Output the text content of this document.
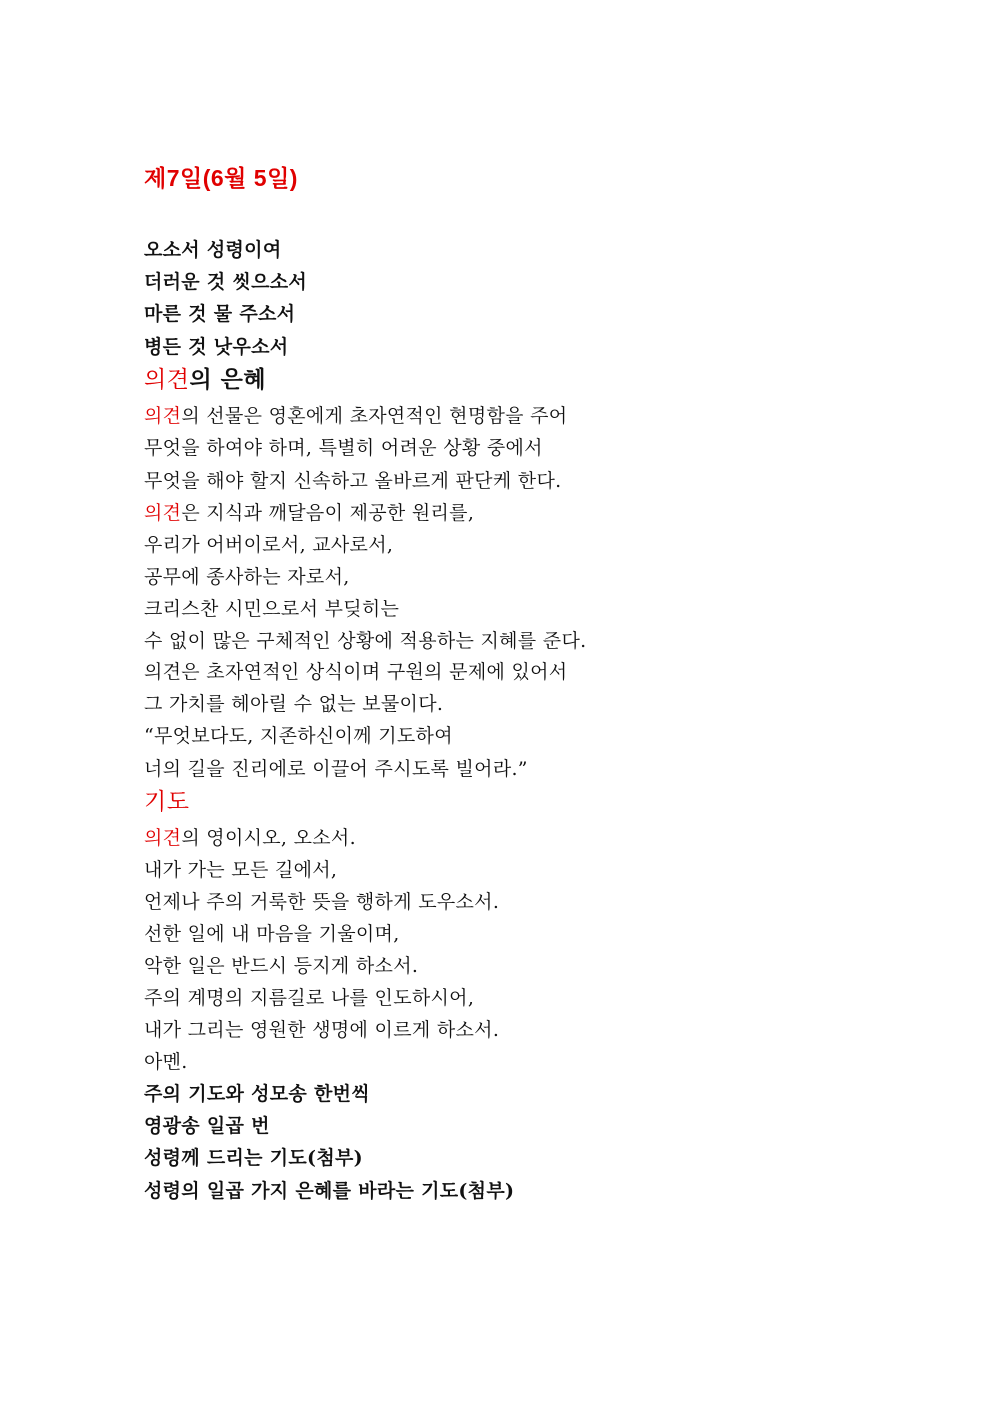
제7일(6월 5일)
오소서 성령이여
더러운 것 씻으소서
마른 것 물 주소서
병든 것 낫우소서
의견의 은혜
의견의 선물은 영혼에게 초자연적인 현명함을 주어
무엇을 하여야 하며, 특별히 어려운 상황 중에서
무엇을 해야 할지 신속하고 올바르게 판단케 한다.
의견은 지식과 깨달음이 제공한 원리를,
우리가 어버이로서, 교사로서,
공무에 종사하는 자로서,
크리스찬 시민으로서 부딪히는
수 없이 많은 구체적인 상황에 적용하는 지혜를 준다.
의견은 초자연적인 상식이며 구원의 문제에 있어서
그 가치를 헤아릴 수 없는 보물이다.
“무엇보다도, 지존하신이께 기도하여
너의 길을 진리에로 이끌어 주시도록 빌어라.”
기도
의견의 영이시오, 오소서.
내가 가는 모든 길에서,
언제나 주의 거룩한 뜻을 행하게 도우소서.
선한 일에 내 마음을 기울이며,
악한 일은 반드시 등지게 하소서.
주의 계명의 지름길로 나를 인도하시어,
내가 그리는 영원한 생명에 이르게 하소서.
아멘.
주의 기도와 성모송 한번씩
영광송 일곱 번
성령께 드리는 기도(첨부)
성령의 일곱 가지 은혜를 바라는 기도(첨부)
